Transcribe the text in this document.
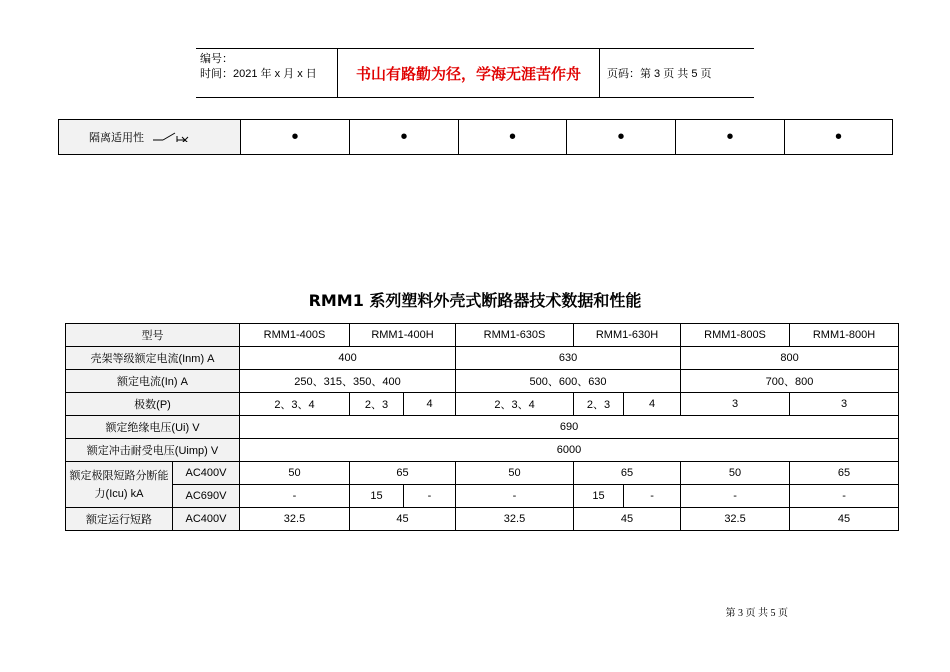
编号：
时间：2021 年 x 月 x 日	书山有路勤为径，学海无涯苦作舟	页码：第 3 页 共 5 页
隔离适用性	•	•	•	•	•	•
RMM1 系列塑料外壳式断路器技术数据和性能
型号		RMM1-400S	RMM1-400H		RMM1-630S	RMM1-630H		RMM1-800S	RMM1-800H
壳架等级额定电流(Inm) A		400			630			800	
额定电流(In) A		250、315、350、400			500、600、630			700、800	
极数(P)		2、3、4	2、3	4	2、3、4	2、3	4	3	3
额定绝缘电压(Ui) V		690							
额定冲击耐受电压(Uimp) V		6000							
额定极限短路分断能力(Icu) kA	AC400V	50	65		50	65		50	65
	AC690V	-	15	-	-	15	-	-	-
额定运行短路	AC400V	32.5	45		32.5	45		32.5	45
第 3 页 共 5 页
